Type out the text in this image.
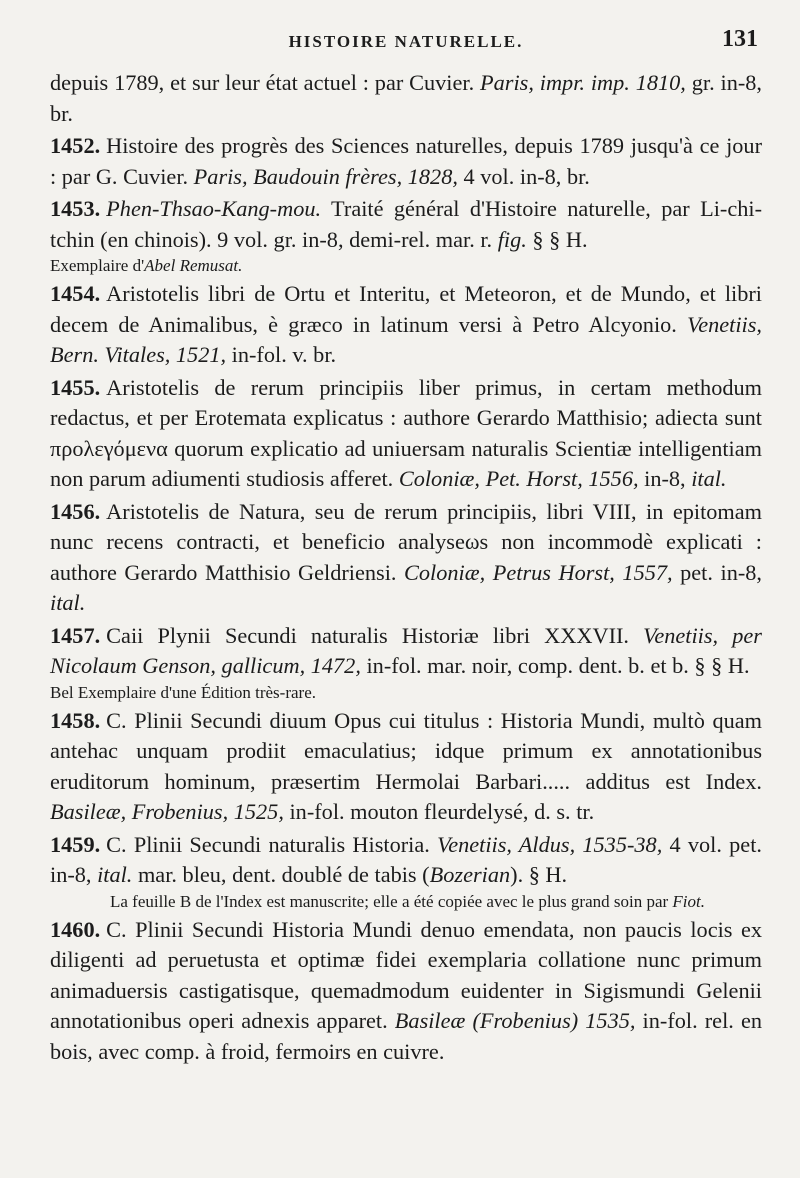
HISTOIRE NATURELLE.	131

depuis 1789, et sur leur état actuel : par Cuvier. Paris, impr. imp. 1810, gr. in-8, br.

1452. Histoire des progrès des Sciences naturelles, depuis 1789 jusqu'à ce jour : par G. Cuvier. Paris, Baudouin frères, 1828, 4 vol. in-8, br.

1453. Phen-Thsao-Kang-mou. Traité général d'Histoire naturelle, par Li-chi-tchin (en chinois). 9 vol. gr. in-8, demi-rel. mar. r. fig. § § H.

Exemplaire d'Abel Remusat.

1454. Aristotelis libri de Ortu et Interitu, et Meteoron, et de Mundo, et libri decem de Animalibus, è græco in latinum versi à Petro Alcyonio. Venetiis, Bern. Vitales, 1521, in-fol. v. br.

1455. Aristotelis de rerum principiis liber primus, in certam methodum redactus, et per Erotemata explicatus : authore Gerardo Matthisio; adiecta sunt προλεγόμενα quorum explicatio ad uniuersam naturalis Scientiæ intelligentiam non parum adiumenti studiosis afferet. Coloniæ, Pet. Horst, 1556, in-8, ital.

1456. Aristotelis de Natura, seu de rerum principiis, libri VIII, in epitomam nunc recens contracti, et beneficio analyseωs non incommodè explicati : authore Gerardo Matthisio Geldriensi. Coloniæ, Petrus Horst, 1557, pet. in-8, ital.

1457. Caii Plynii Secundi naturalis Historiæ libri XXXVII. Venetiis, per Nicolaum Genson, gallicum, 1472, in-fol. mar. noir, comp. dent. b. et b. § § H.

Bel Exemplaire d'une Édition très-rare.

1458. C. Plinii Secundi diuum Opus cui titulus : Historia Mundi, multò quam antehac unquam prodiit emaculatius; idque primum ex annotationibus eruditorum hominum, præsertim Hermolai Barbari..... additus est Index. Basileæ, Frobenius, 1525, in-fol. mouton fleurdelysé, d. s. tr.

1459. C. Plinii Secundi naturalis Historia. Venetiis, Aldus, 1535-38, 4 vol. pet. in-8, ital. mar. bleu, dent. doublé de tabis (Bozerian). § H.

La feuille B de l'Index est manuscrite; elle a été copiée avec le plus grand soin par Fiot.

1460. C. Plinii Secundi Historia Mundi denuo emendata, non paucis locis ex diligenti ad peruetusta et optimæ fidei exemplaria collatione nunc primum animaduersis castigatisque, quemadmodum euidenter in Sigismundi Gelenii annotationibus operi adnexis apparet. Basileæ (Frobenius) 1535, in-fol. rel. en bois, avec comp. à froid, fermoirs en cuivre.
